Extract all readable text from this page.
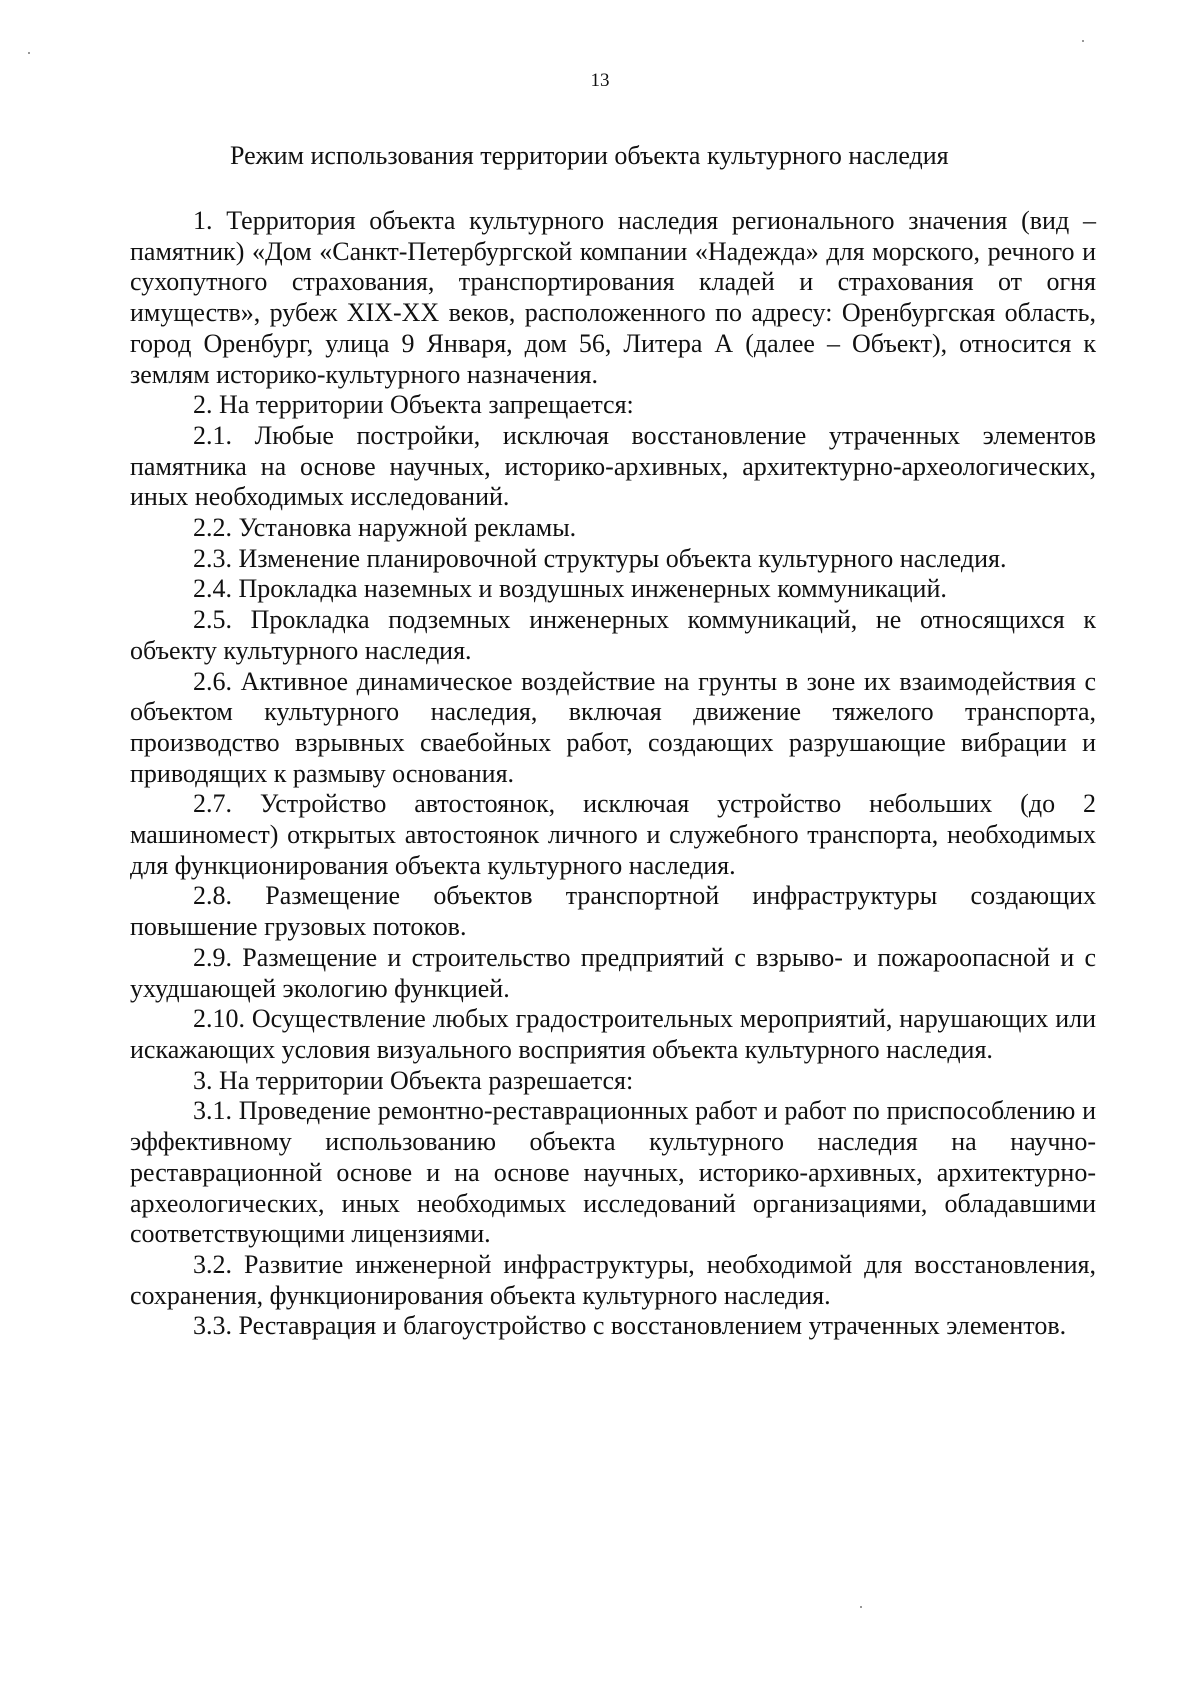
13
Режим использования территории объекта культурного наследия

1. Территория объекта культурного наследия регионального значения (вид – памятник) «Дом «Санкт-Петербургской компании «Надежда» для морского, речного и сухопутного страхования, транспортирования кладей и страхования от огня имуществ», рубеж XIX-XX веков, расположенного по адресу: Оренбургская область, город Оренбург, улица 9 Января, дом 56, Литера А (далее – Объект), относится к землям историко-культурного назначения.

2. На территории Объекта запрещается:

2.1. Любые постройки, исключая восстановление утраченных элементов памятника на основе научных, историко-архивных, архитектурно-археологических, иных необходимых исследований.

2.2. Установка наружной рекламы.

2.3. Изменение планировочной структуры объекта культурного наследия.

2.4. Прокладка наземных и воздушных инженерных коммуникаций.

2.5. Прокладка подземных инженерных коммуникаций, не относящихся к объекту культурного наследия.

2.6. Активное динамическое воздействие на грунты в зоне их взаимодействия с объектом культурного наследия, включая движение тяжелого транспорта, производство взрывных сваебойных работ, создающих разрушающие вибрации и приводящих к размыву основания.

2.7. Устройство автостоянок, исключая устройство небольших (до 2 машиномест) открытых автостоянок личного и служебного транспорта, необходимых для функционирования объекта культурного наследия.

2.8. Размещение объектов транспортной инфраструктуры создающих повышение грузовых потоков.

2.9. Размещение и строительство предприятий с взрыво- и пожароопасной и с ухудшающей экологию функцией.

2.10. Осуществление любых градостроительных мероприятий, нарушающих или искажающих условия визуального восприятия объекта культурного наследия.

3. На территории Объекта разрешается:

3.1. Проведение ремонтно-реставрационных работ и работ по приспособлению и эффективному использованию объекта культурного наследия на научно-реставрационной основе и на основе научных, историко-архивных, архитектурно-археологических, иных необходимых исследований организациями, обладавшими соответствующими лицензиями.

3.2. Развитие инженерной инфраструктуры, необходимой для восстановления, сохранения, функционирования объекта культурного наследия.

3.3. Реставрация и благоустройство с восстановлением утраченных элементов.
